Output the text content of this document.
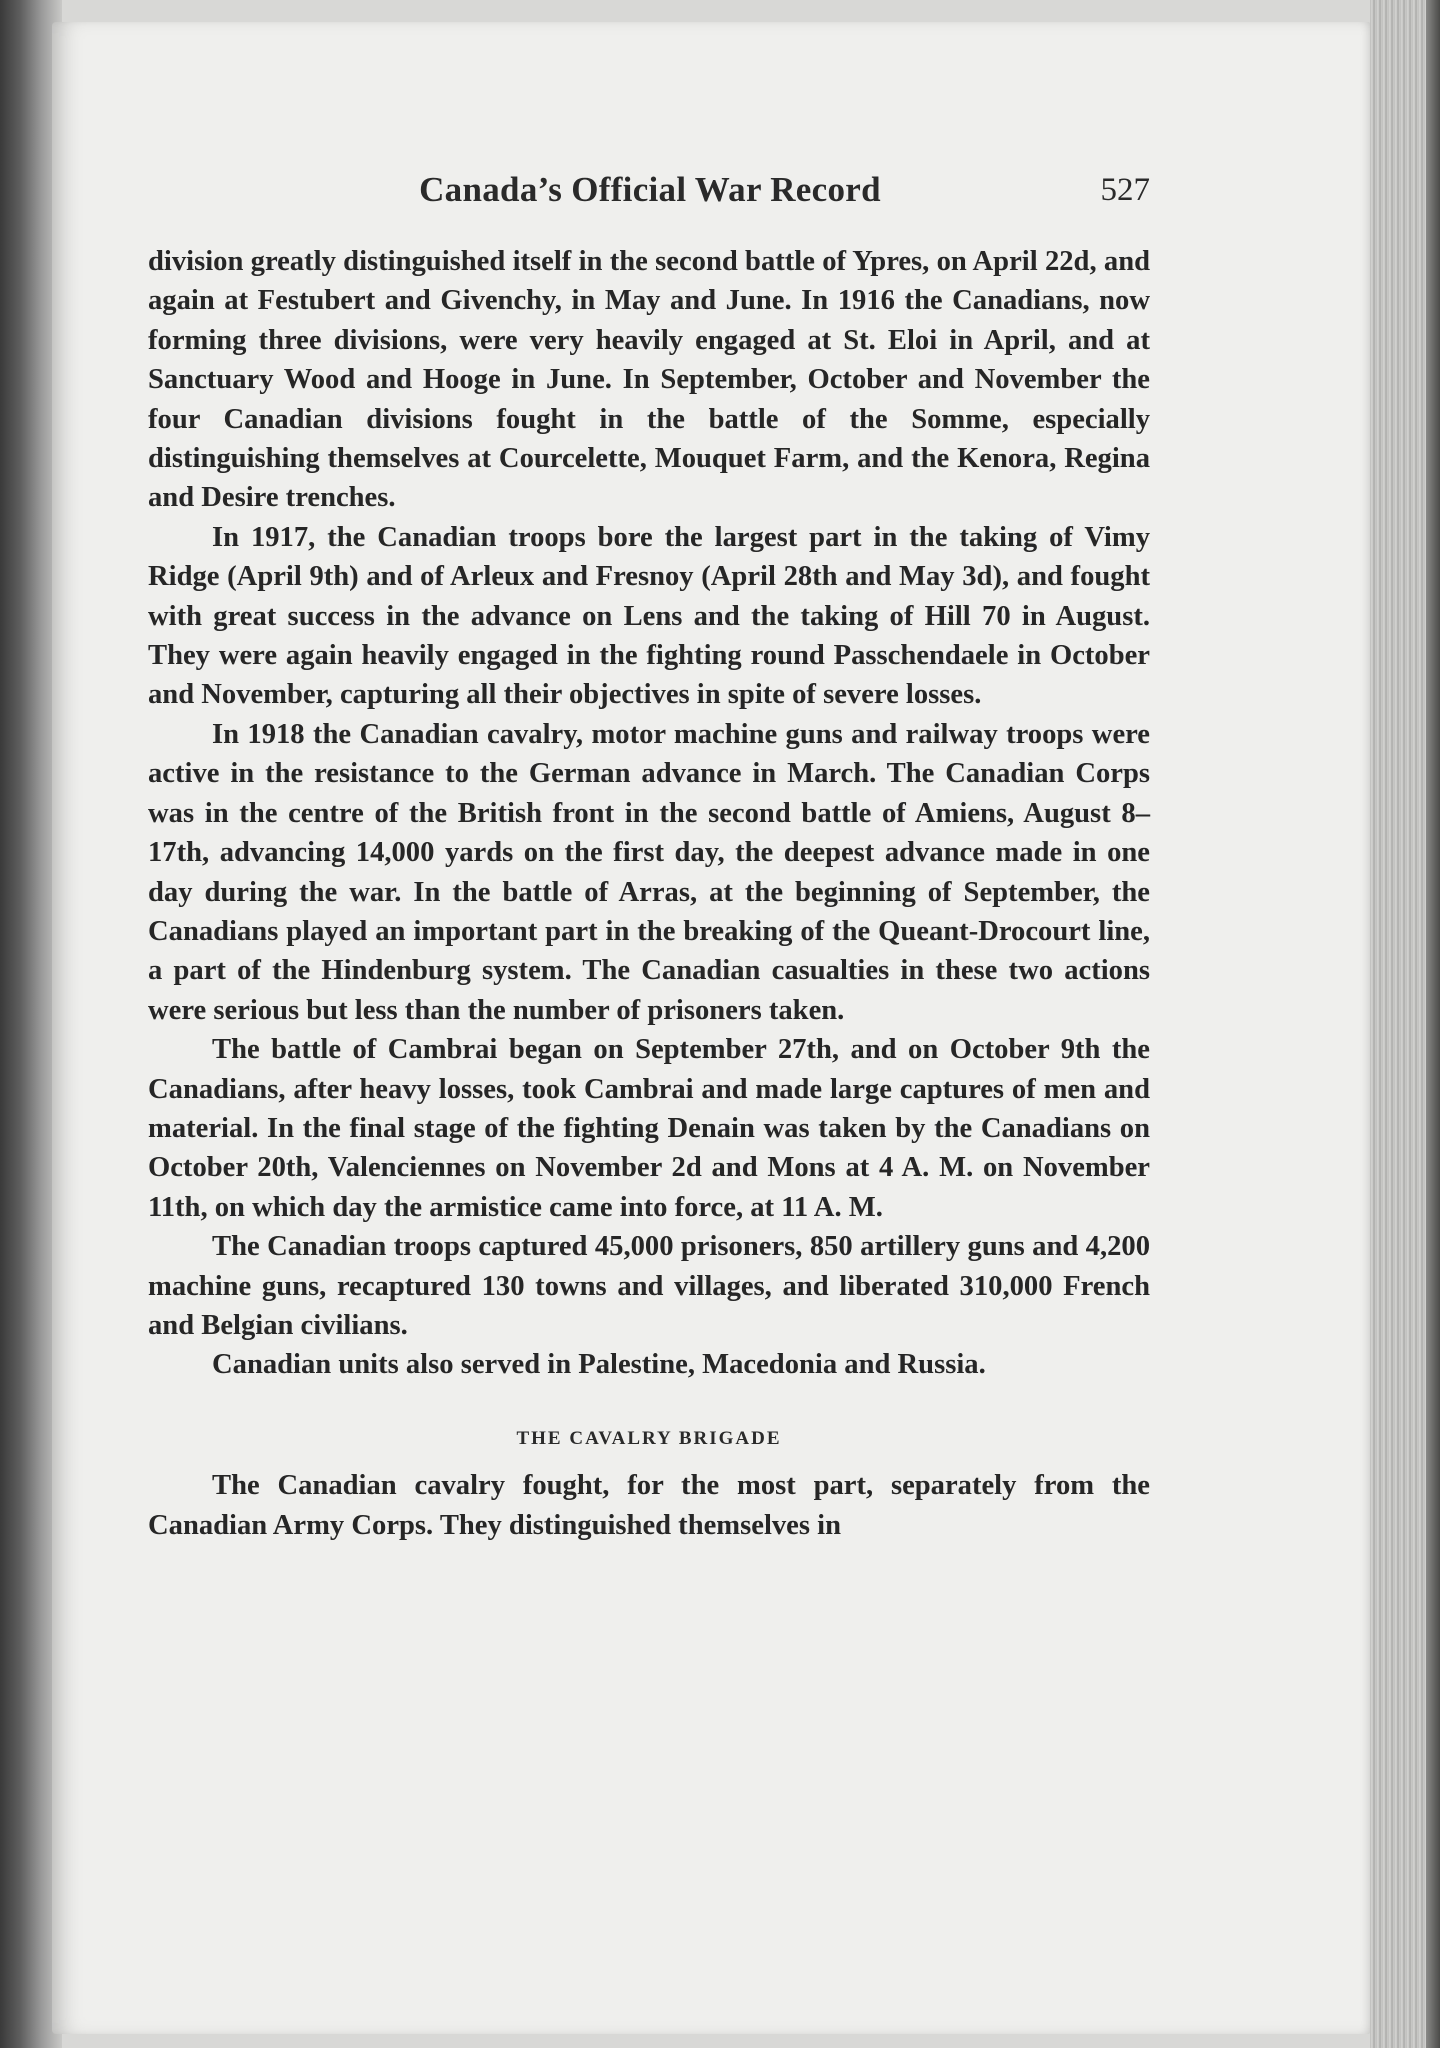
Canada’s Official War Record	527

division greatly distinguished itself in the second battle of Ypres, on April 22d, and again at Festubert and Givenchy, in May and June. In 1916 the Canadians, now forming three divisions, were very heavily engaged at St. Eloi in April, and at Sanctuary Wood and Hooge in June. In September, October and November the four Canadian divisions fought in the battle of the Somme, especially distinguishing themselves at Courcelette, Mouquet Farm, and the Kenora, Regina and Desire trenches.

In 1917, the Canadian troops bore the largest part in the taking of Vimy Ridge (April 9th) and of Arleux and Fresnoy (April 28th and May 3d), and fought with great success in the advance on Lens and the taking of Hill 70 in August. They were again heavily engaged in the fighting round Passchendaele in October and November, capturing all their objectives in spite of severe losses.

In 1918 the Canadian cavalry, motor machine guns and railway troops were active in the resistance to the German advance in March. The Canadian Corps was in the centre of the British front in the second battle of Amiens, August 8–17th, advancing 14,000 yards on the first day, the deepest advance made in one day during the war. In the battle of Arras, at the beginning of September, the Canadians played an important part in the breaking of the Queant-Drocourt line, a part of the Hindenburg system. The Canadian casualties in these two actions were serious but less than the number of prisoners taken.

The battle of Cambrai began on September 27th, and on October 9th the Canadians, after heavy losses, took Cambrai and made large captures of men and material. In the final stage of the fighting Denain was taken by the Canadians on October 20th, Valenciennes on November 2d and Mons at 4 A. M. on November 11th, on which day the armistice came into force, at 11 A. M.

The Canadian troops captured 45,000 prisoners, 850 artillery guns and 4,200 machine guns, recaptured 130 towns and villages, and liberated 310,000 French and Belgian civilians.

Canadian units also served in Palestine, Macedonia and Russia.

THE CAVALRY BRIGADE

The Canadian cavalry fought, for the most part, separately from the Canadian Army Corps. They distinguished themselves in
